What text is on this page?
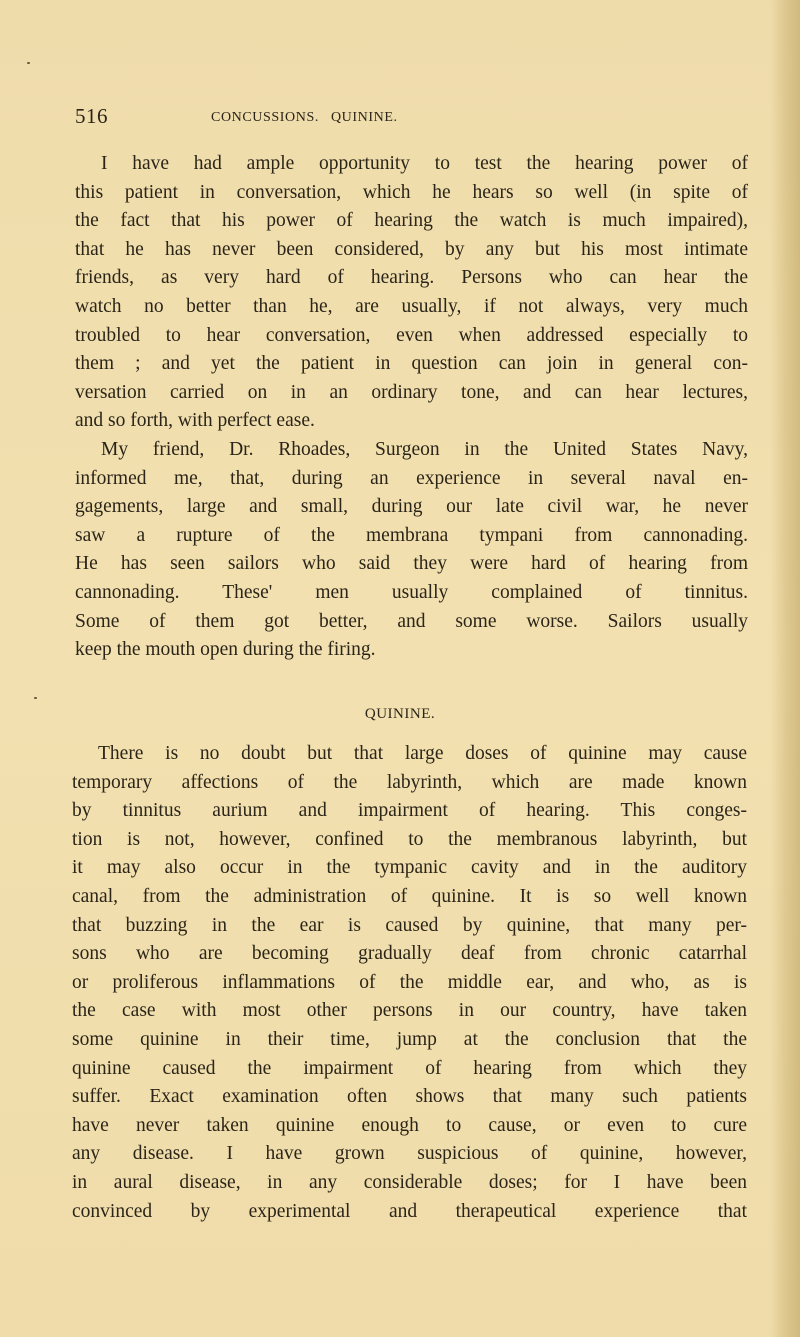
516	CONCUSSIONS. QUININE.
I have had ample opportunity to test the hearing power of
this patient in conversation, which he hears so well (in spite of
the fact that his power of hearing the watch is much impaired),
that he has never been considered, by any but his most intimate
friends, as very hard of hearing. Persons who can hear the
watch no better than he, are usually, if not always, very much
troubled to hear conversation, even when addressed especially to
them ; and yet the patient in question can join in general con-
versation carried on in an ordinary tone, and can hear lectures,
and so forth, with perfect ease.
My friend, Dr. Rhoades, Surgeon in the United States Navy,
informed me, that, during an experience in several naval en-
gagements, large and small, during our late civil war, he never
saw a rupture of the membrana tympani from cannonading.
He has seen sailors who said they were hard of hearing from
cannonading. These' men usually complained of tinnitus.
Some of them got better, and some worse. Sailors usually
keep the mouth open during the firing.
QUININE.
There is no doubt but that large doses of quinine may cause
temporary affections of the labyrinth, which are made known
by tinnitus aurium and impairment of hearing. This conges-
tion is not, however, confined to the membranous labyrinth, but
it may also occur in the tympanic cavity and in the auditory
canal, from the administration of quinine. It is so well known
that buzzing in the ear is caused by quinine, that many per-
sons who are becoming gradually deaf from chronic catarrhal
or proliferous inflammations of the middle ear, and who, as is
the case with most other persons in our country, have taken
some quinine in their time, jump at the conclusion that the
quinine caused the impairment of hearing from which they
suffer. Exact examination often shows that many such patients
have never taken quinine enough to cause, or even to cure
any disease. I have grown suspicious of quinine, however,
in aural disease, in any considerable doses; for I have been
convinced by experimental and therapeutical experience that
